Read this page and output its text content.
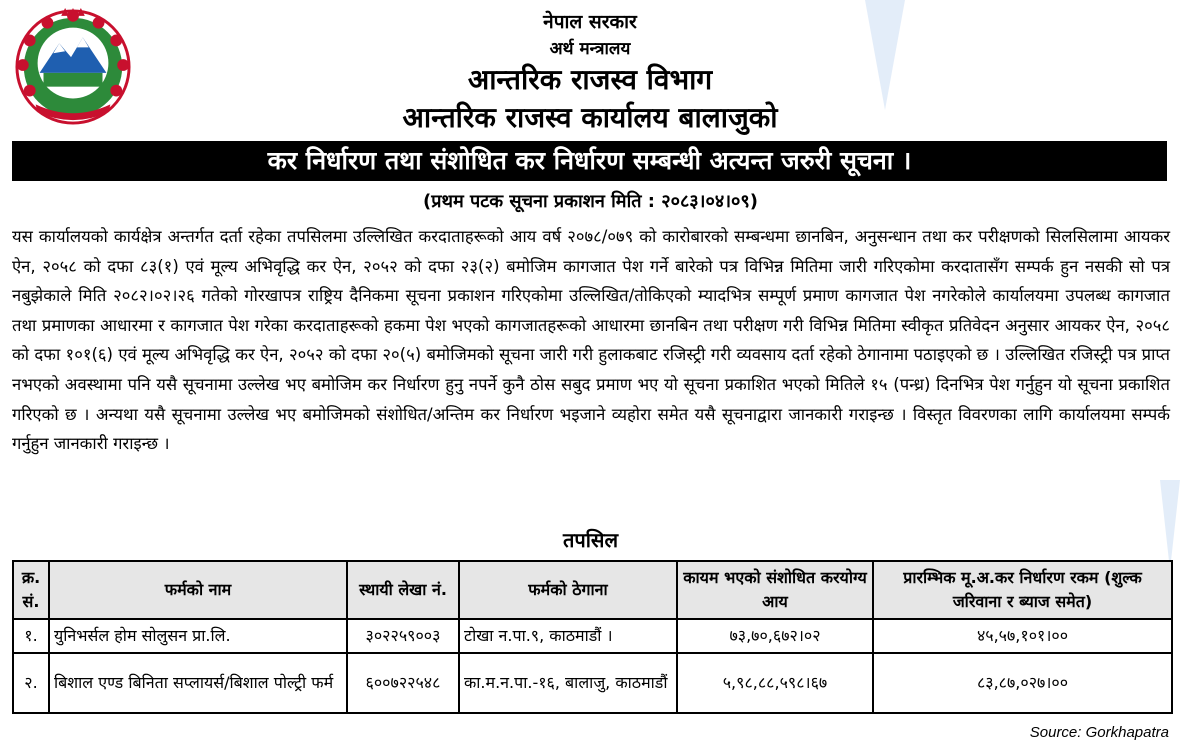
नेपाल सरकार
अर्थ मन्त्रालय
आन्तरिक राजस्व विभाग
आन्तरिक राजस्व कार्यालय बालाजुको
कर निर्धारण तथा संशोधित कर निर्धारण सम्बन्धी अत्यन्त जरुरी सूचना ।
(प्रथम पटक सूचना प्रकाशन मिति : २०८३।०४।०९)

यस कार्यालयको कार्यक्षेत्र अन्तर्गत दर्ता रहेका तपसिलमा उल्लिखित करदाताहरूको आय वर्ष २०७८/०७९ को कारोबारको सम्बन्धमा छानबिन, अनुसन्धान तथा कर परीक्षणको सिलसिलामा आयकर ऐन, २०५८ को दफा ८३(१) एवं मूल्य अभिवृद्धि कर ऐन, २०५२ को दफा २३(२) बमोजिम कागजात पेश गर्ने बारेको पत्र विभिन्न मितिमा जारी गरिएकोमा करदातासँग सम्पर्क हुन नसकी सो पत्र नबुझेकाले मिति २०८२।०२।२६ गतेको गोरखापत्र राष्ट्रिय दैनिकमा सूचना प्रकाशन गरिएकोमा उल्लिखित/तोकिएको म्यादभित्र सम्पूर्ण प्रमाण कागजात पेश नगरेकोले कार्यालयमा उपलब्ध कागजात तथा प्रमाणका आधारमा र कागजात पेश गरेका करदाताहरूको हकमा पेश भएको कागजातहरूको आधारमा छानबिन तथा परीक्षण गरी विभिन्न मितिमा स्वीकृत प्रतिवेदन अनुसार आयकर ऐन, २०५८ को दफा १०१(६) एवं मूल्य अभिवृद्धि कर ऐन, २०५२ को दफा २०(५) बमोजिमको सूचना जारी गरी हुलाकबाट रजिस्ट्री गरी व्यवसाय दर्ता रहेको ठेगानामा पठाइएको छ । उल्लिखित रजिस्ट्री पत्र प्राप्त नभएको अवस्थामा पनि यसै सूचनामा उल्लेख भए बमोजिम कर निर्धारण हुनु नपर्ने कुनै ठोस सबुद प्रमाण भए यो सूचना प्रकाशित भएको मितिले १५ (पन्ध्र) दिनभित्र पेश गर्नुहुन यो सूचना प्रकाशित गरिएको छ । अन्यथा यसै सूचनामा उल्लेख भए बमोजिमको संशोधित/अन्तिम कर निर्धारण भइजाने व्यहोरा समेत यसै सूचनाद्वारा जानकारी गराइन्छ । विस्तृत विवरणका लागि कार्यालयमा सम्पर्क गर्नुहुन जानकारी गराइन्छ ।

तपसिल
क्र. सं.	फर्मको नाम	स्थायी लेखा नं.	फर्मको ठेगाना	कायम भएको संशोधित करयोग्य आय	प्रारम्भिक मू.अ.कर निर्धारण रकम (शुल्क जरिवाना र ब्याज समेत)
१.	युनिभर्सल होम सोलुसन प्रा.लि.	३०२२५९००३	टोखा न.पा.९, काठमाडौं ।	७३,७०,६७२।०२	४५,५७,१०१।००
२.	बिशाल एण्ड बिनिता सप्लायर्स/बिशाल पोल्ट्री फर्म	६००७२२५४८	का.म.न.पा.-१६, बालाजु, काठमाडौं	५,९८,८८,५९८।६७	८३,८७,०२७।००
Source: Gorkhapatra
